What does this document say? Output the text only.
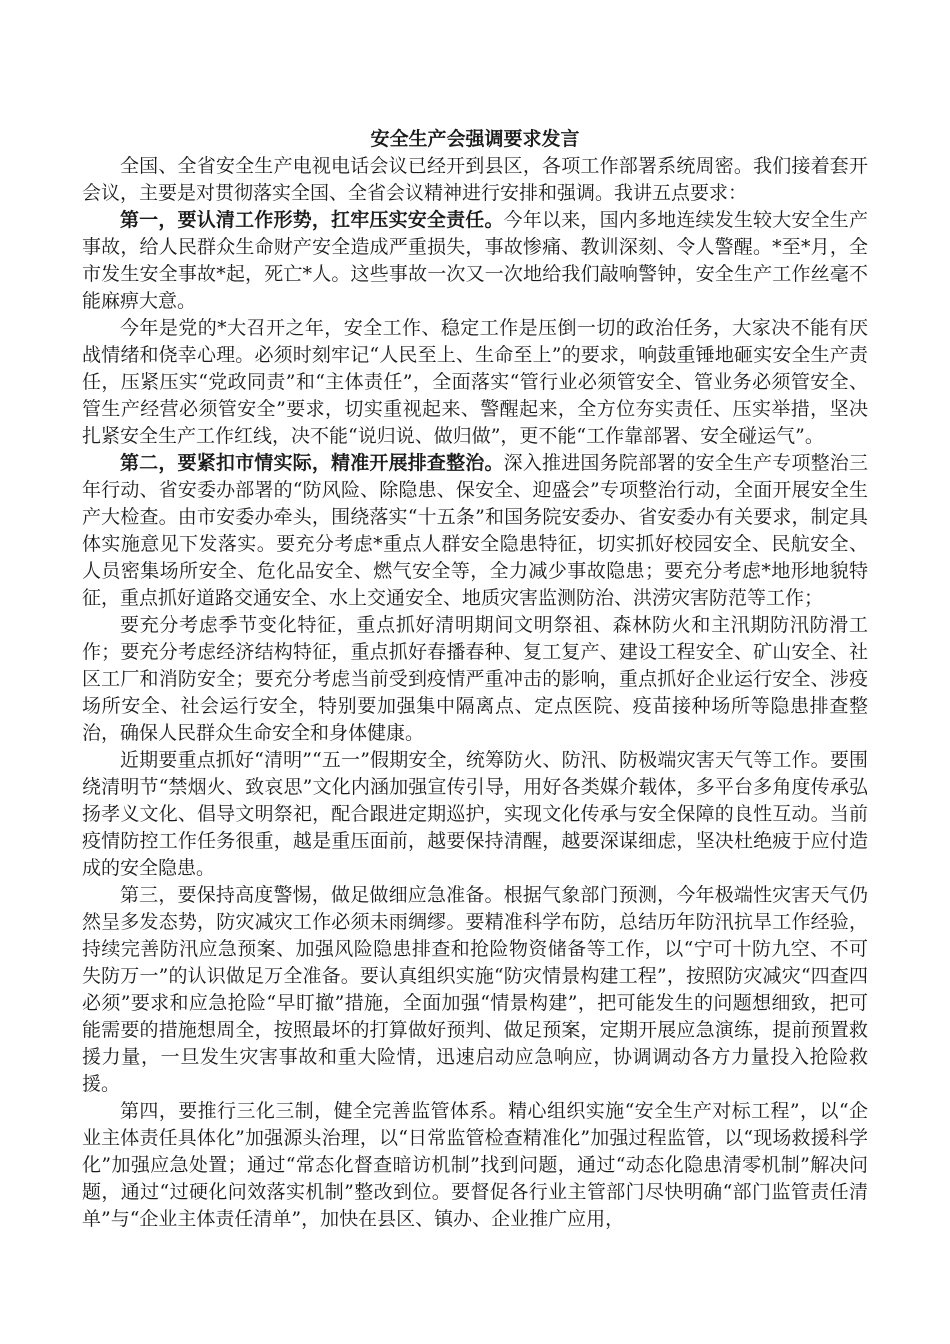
安全生产会强调要求发言

全国、全省安全生产电视电话会议已经开到县区，各项工作部署系统周密。我们接着套开会议，主要是对贯彻落实全国、全省会议精神进行安排和强调。我讲五点要求：

第一，要认清工作形势，扛牢压实安全责任。今年以来，国内多地连续发生较大安全生产事故，给人民群众生命财产安全造成严重损失，事故惨痛、教训深刻、令人警醒。*至*月，全市发生安全事故*起，死亡*人。这些事故一次又一次地给我们敲响警钟，安全生产工作丝毫不能麻痹大意。

今年是党的*大召开之年，安全工作、稳定工作是压倒一切的政治任务，大家决不能有厌战情绪和侥幸心理。必须时刻牢记“人民至上、生命至上”的要求，响鼓重锤地砸实安全生产责任，压紧压实“党政同责”和“主体责任”，全面落实“管行业必须管安全、管业务必须管安全、管生产经营必须管安全”要求，切实重视起来、警醒起来，全方位夯实责任、压实举措，坚决扎紧安全生产工作红线，决不能“说归说、做归做”，更不能“工作靠部署、安全碰运气”。

第二，要紧扣市情实际，精准开展排查整治。深入推进国务院部署的安全生产专项整治三年行动、省安委办部署的“防风险、除隐患、保安全、迎盛会”专项整治行动，全面开展安全生产大检查。由市安委办牵头，围绕落实“十五条”和国务院安委办、省安委办有关要求，制定具体实施意见下发落实。要充分考虑*重点人群安全隐患特征，切实抓好校园安全、民航安全、人员密集场所安全、危化品安全、燃气安全等，全力减少事故隐患；要充分考虑*地形地貌特征，重点抓好道路交通安全、水上交通安全、地质灾害监测防治、洪涝灾害防范等工作；

要充分考虑季节变化特征，重点抓好清明期间文明祭祖、森林防火和主汛期防汛防滑工作；要充分考虑经济结构特征，重点抓好春播春种、复工复产、建设工程安全、矿山安全、社区工厂和消防安全；要充分考虑当前受到疫情严重冲击的影响，重点抓好企业运行安全、涉疫场所安全、社会运行安全，特别要加强集中隔离点、定点医院、疫苗接种场所等隐患排查整治，确保人民群众生命安全和身体健康。

近期要重点抓好“清明”“五一”假期安全，统筹防火、防汛、防极端灾害天气等工作。要围绕清明节“禁烟火、致哀思”文化内涵加强宣传引导，用好各类媒介载体，多平台多角度传承弘扬孝义文化、倡导文明祭祀，配合跟进定期巡护，实现文化传承与安全保障的良性互动。当前疫情防控工作任务很重，越是重压面前，越要保持清醒，越要深谋细虑，坚决杜绝疲于应付造成的安全隐患。

第三，要保持高度警惕，做足做细应急准备。根据气象部门预测，今年极端性灾害天气仍然呈多发态势，防灾减灾工作必须未雨绸缪。要精准科学布防，总结历年防汛抗旱工作经验，持续完善防汛应急预案、加强风险隐患排查和抢险物资储备等工作，以“宁可十防九空、不可失防万一”的认识做足万全准备。要认真组织实施“防灾情景构建工程”，按照防灾减灾“四查四必须”要求和应急抢险“早盯撤”措施，全面加强“情景构建”，把可能发生的问题想细致，把可能需要的措施想周全，按照最坏的打算做好预判、做足预案，定期开展应急演练，提前预置救援力量，一旦发生灾害事故和重大险情，迅速启动应急响应，协调调动各方力量投入抢险救援。

第四，要推行三化三制，健全完善监管体系。精心组织实施“安全生产对标工程”，以“企业主体责任具体化”加强源头治理，以“日常监管检查精准化”加强过程监管，以“现场救援科学化”加强应急处置；通过“常态化督查暗访机制”找到问题，通过“动态化隐患清零机制”解决问题，通过“过硬化问效落实机制”整改到位。要督促各行业主管部门尽快明确“部门监管责任清单”与“企业主体责任清单”，加快在县区、镇办、企业推广应用，
